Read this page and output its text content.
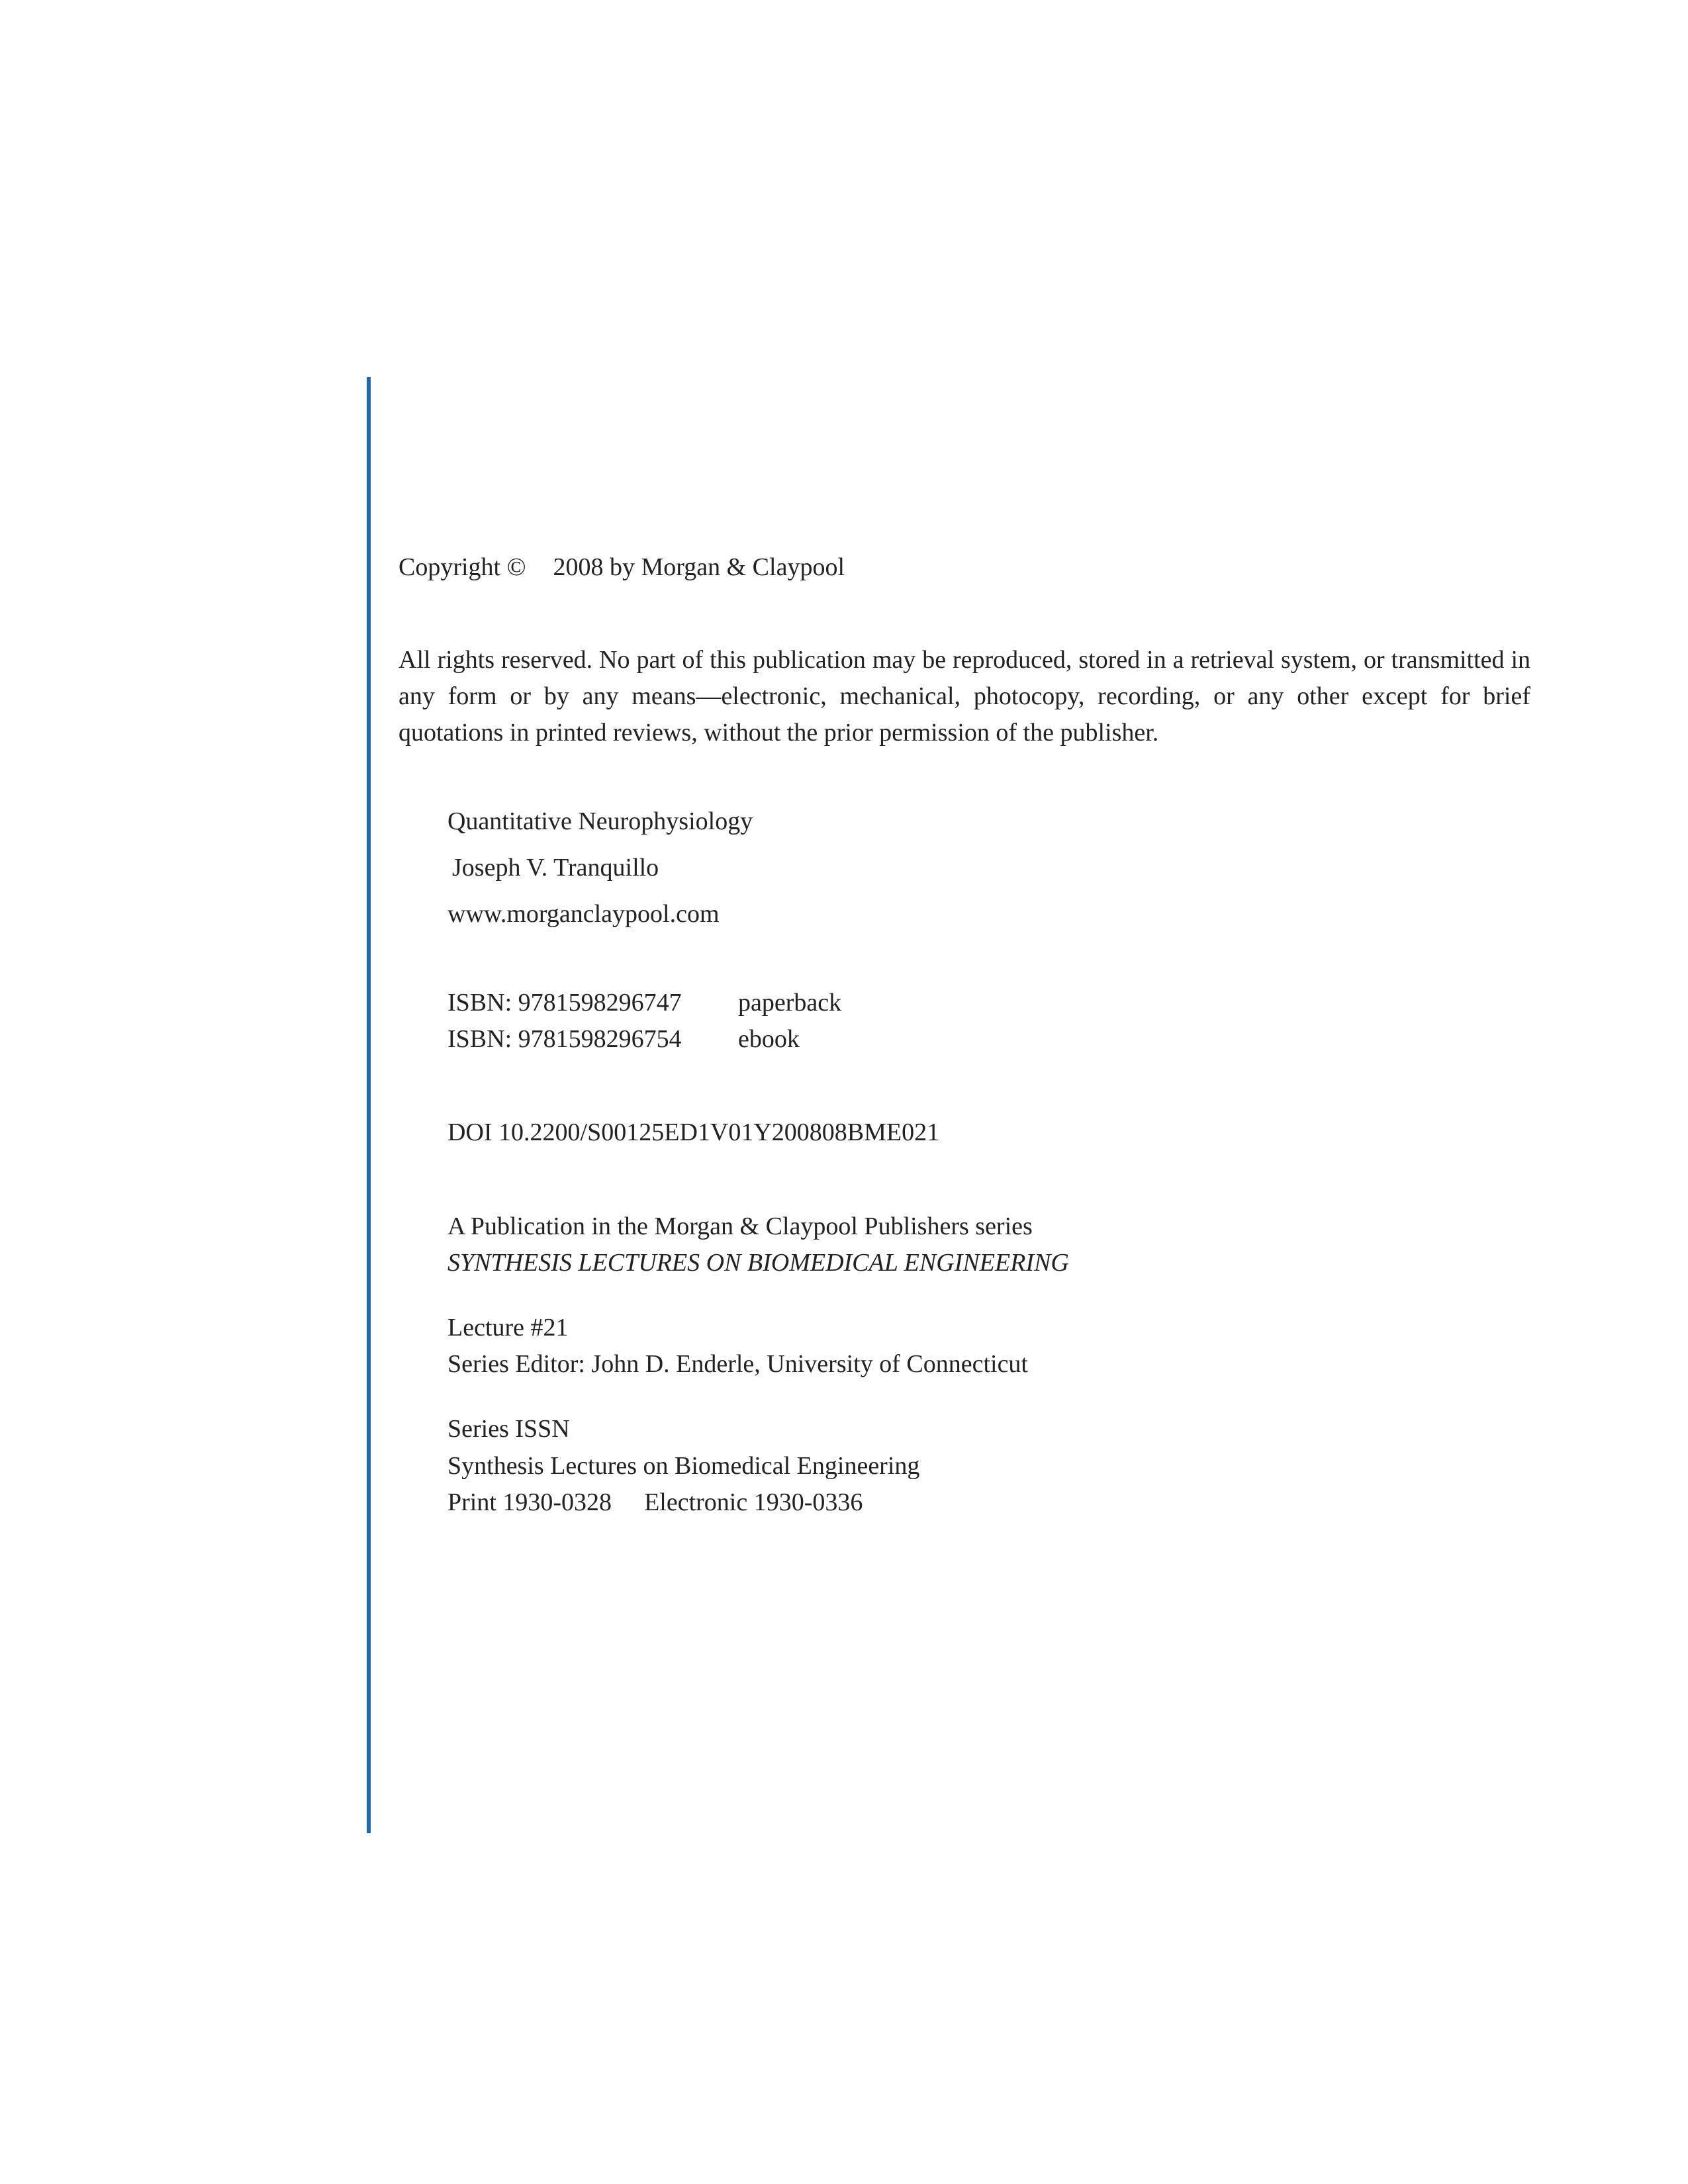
Copyright © 2008 by Morgan & Claypool
All rights reserved. No part of this publication may be reproduced, stored in a retrieval system, or transmitted in any form or by any means—electronic, mechanical, photocopy, recording, or any other except for brief quotations in printed reviews, without the prior permission of the publisher.
Quantitative Neurophysiology
Joseph V. Tranquillo
www.morganclaypool.com
ISBN: 9781598296747 paperback
ISBN: 9781598296754 ebook
DOI 10.2200/S00125ED1V01Y200808BME021
A Publication in the Morgan & Claypool Publishers series
SYNTHESIS LECTURES ON BIOMEDICAL ENGINEERING
Lecture #21
Series Editor: John D. Enderle, University of Connecticut
Series ISSN
Synthesis Lectures on Biomedical Engineering
Print 1930-0328 Electronic 1930-0336
